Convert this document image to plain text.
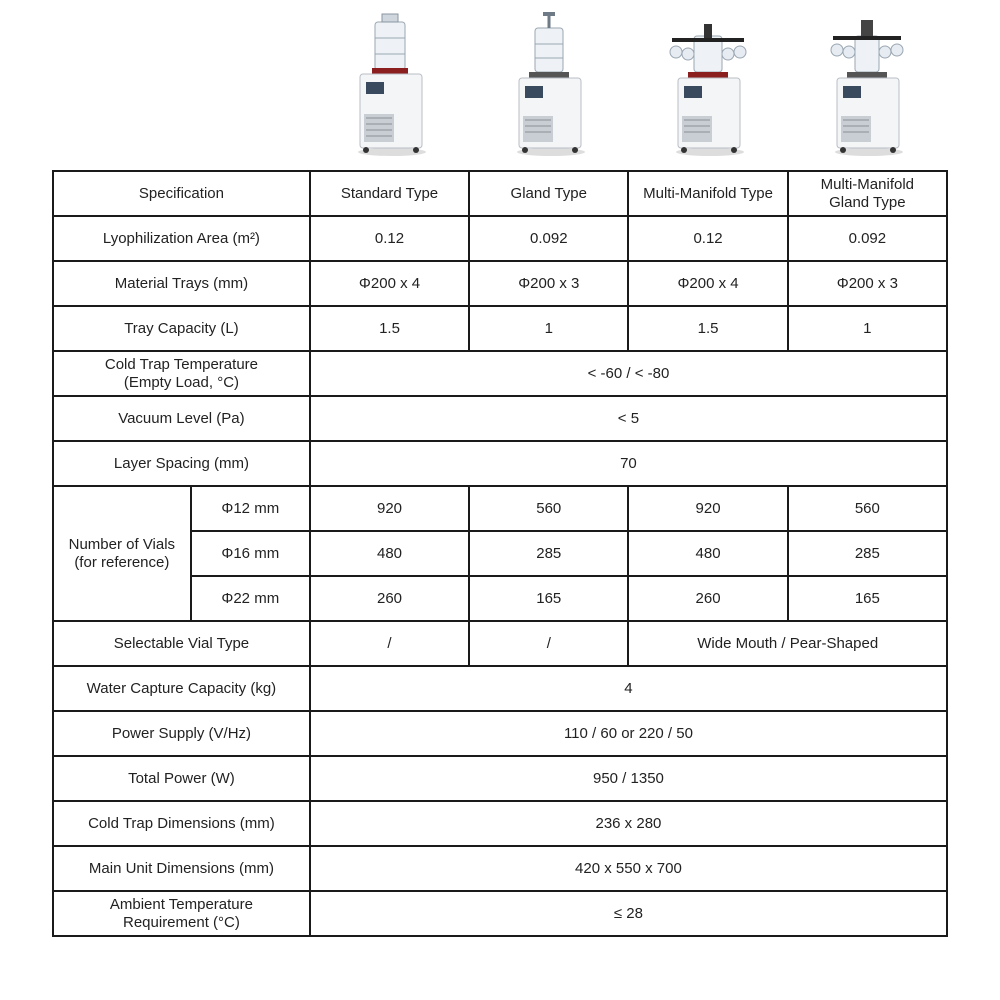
Specification		Standard Type	Gland Type	Multi-Manifold Type	Multi-Manifold Gland Type
Lyophilization Area (m²)		0.12	0.092	0.12	0.092
Material Trays (mm)		Φ200 x 4	Φ200 x 3	Φ200 x 4	Φ200 x 3
Tray Capacity (L)		1.5	1	1.5	1
Cold Trap Temperature (Empty Load, °C)		< -60 / < -80			
Vacuum Level (Pa)		< 5			
Layer Spacing (mm)		70			
Number of Vials (for reference)	Φ12 mm	920	560	920	560
	Φ16 mm	480	285	480	285
	Φ22 mm	260	165	260	165
Selectable Vial Type		/	/	Wide Mouth / Pear-Shaped	
Water Capture Capacity (kg)		4			
Power Supply (V/Hz)		110 / 60 or 220 / 50			
Total Power (W)		950 / 1350			
Cold Trap Dimensions (mm)		236 x 280			
Main Unit Dimensions (mm)		420 x 550 x 700			
Ambient Temperature Requirement (°C)		≤ 28			
